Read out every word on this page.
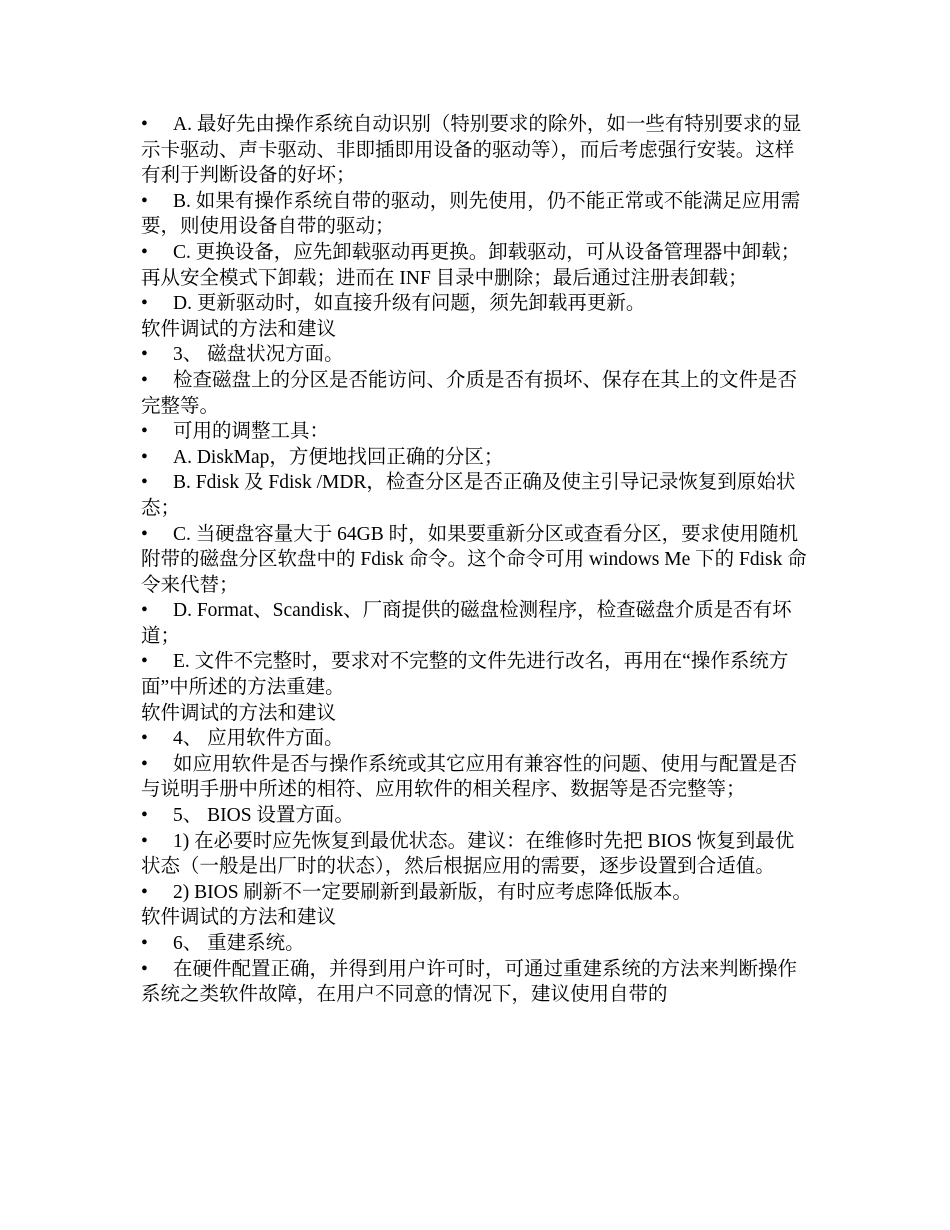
• A. 最好先由操作系统自动识别（特别要求的除外，如一些有特别要求的显示卡驱动、声卡驱动、非即插即用设备的驱动等），而后考虑强行安装。这样有利于判断设备的好坏；

• B. 如果有操作系统自带的驱动，则先使用，仍不能正常或不能满足应用需要，则使用设备自带的驱动；

• C. 更换设备，应先卸载驱动再更换。卸载驱动，可从设备管理器中卸载；再从安全模式下卸载；进而在 INF 目录中删除；最后通过注册表卸载；

• D. 更新驱动时，如直接升级有问题，须先卸载再更新。

软件调试的方法和建议

• 3、 磁盘状况方面。

• 检查磁盘上的分区是否能访问、介质是否有损坏、保存在其上的文件是否完整等。

• 可用的调整工具：

• A. DiskMap，方便地找回正确的分区；

• B. Fdisk 及 Fdisk /MDR，检查分区是否正确及使主引导记录恢复到原始状态；

• C. 当硬盘容量大于 64GB 时，如果要重新分区或查看分区，要求使用随机附带的磁盘分区软盘中的 Fdisk 命令。这个命令可用 windows Me 下的 Fdisk 命令来代替；

• D. Format、Scandisk、厂商提供的磁盘检测程序，检查磁盘介质是否有坏道；

• E. 文件不完整时，要求对不完整的文件先进行改名，再用在“操作系统方面”中所述的方法重建。

软件调试的方法和建议

• 4、 应用软件方面。

• 如应用软件是否与操作系统或其它应用有兼容性的问题、使用与配置是否与说明手册中所述的相符、应用软件的相关程序、数据等是否完整等；

• 5、 BIOS 设置方面。

• 1) 在必要时应先恢复到最优状态。建议：在维修时先把 BIOS 恢复到最优状态（一般是出厂时的状态），然后根据应用的需要，逐步设置到合适值。

• 2) BIOS 刷新不一定要刷新到最新版，有时应考虑降低版本。

软件调试的方法和建议

• 6、 重建系统。

• 在硬件配置正确，并得到用户许可时，可通过重建系统的方法来判断操作系统之类软件故障，在用户不同意的情况下，建议使用自带的
